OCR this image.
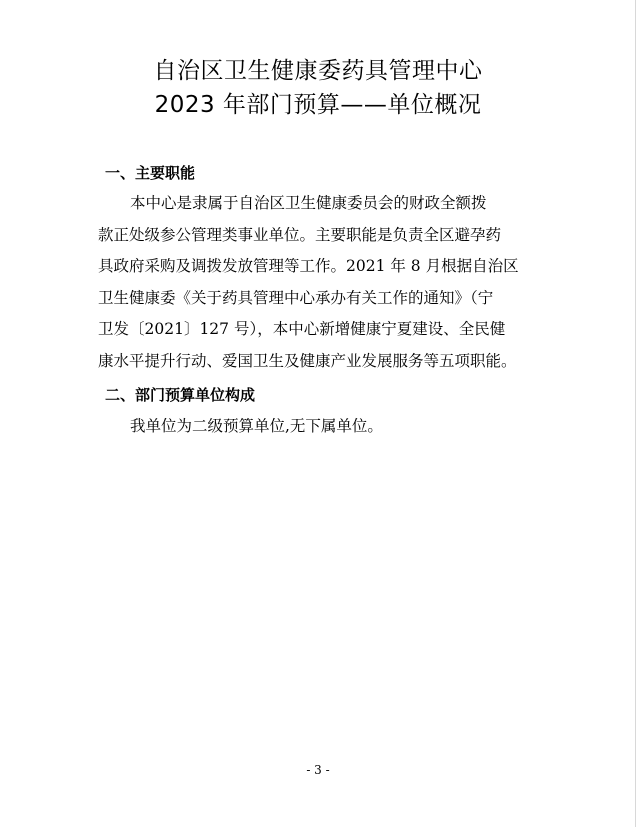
自治区卫生健康委药具管理中心
2023 年部门预算——单位概况
一、主要职能
本中心是隶属于自治区卫生健康委员会的财政全额拨
款正处级参公管理类事业单位。主要职能是负责全区避孕药
具政府采购及调拨发放管理等工作。2021 年 8 月根据自治区
卫生健康委《关于药具管理中心承办有关工作的通知》（宁
卫发〔2021〕127 号），本中心新增健康宁夏建设、全民健
康水平提升行动、爱国卫生及健康产业发展服务等五项职能。
二、部门预算单位构成
我单位为二级预算单位,无下属单位。
- 3 -
